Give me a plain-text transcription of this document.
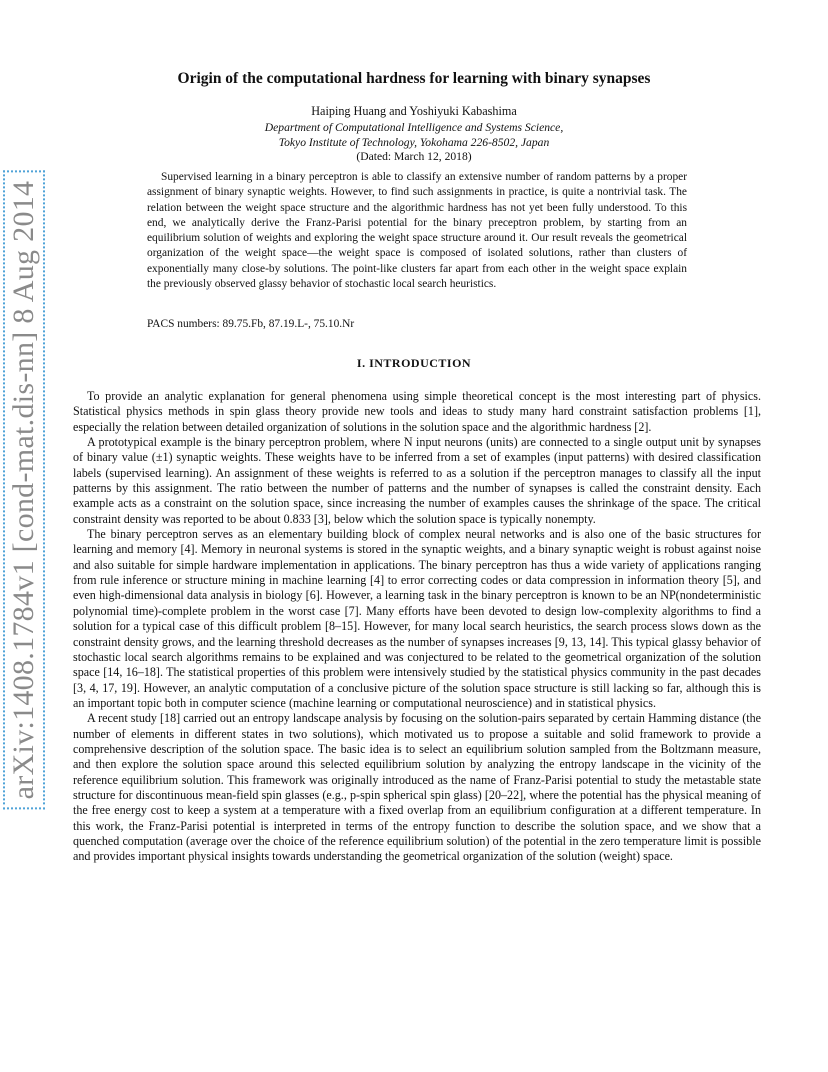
arXiv:1408.1784v1 [cond-mat.dis-nn] 8 Aug 2014
Origin of the computational hardness for learning with binary synapses
Haiping Huang and Yoshiyuki Kabashima
Department of Computational Intelligence and Systems Science,
Tokyo Institute of Technology, Yokohama 226-8502, Japan
(Dated: March 12, 2018)
Supervised learning in a binary perceptron is able to classify an extensive number of random patterns by a proper assignment of binary synaptic weights. However, to find such assignments in practice, is quite a nontrivial task. The relation between the weight space structure and the algorithmic hardness has not yet been fully understood. To this end, we analytically derive the Franz-Parisi potential for the binary preceptron problem, by starting from an equilibrium solution of weights and exploring the weight space structure around it. Our result reveals the geometrical organization of the weight space—the weight space is composed of isolated solutions, rather than clusters of exponentially many close-by solutions. The point-like clusters far apart from each other in the weight space explain the previously observed glassy behavior of stochastic local search heuristics.
PACS numbers: 89.75.Fb, 87.19.L-, 75.10.Nr
I. INTRODUCTION

To provide an analytic explanation for general phenomena using simple theoretical concept is the most interesting part of physics. Statistical physics methods in spin glass theory provide new tools and ideas to study many hard constraint satisfaction problems [1], especially the relation between detailed organization of solutions in the solution space and the algorithmic hardness [2].

A prototypical example is the binary perceptron problem, where N input neurons (units) are connected to a single output unit by synapses of binary value (±1) synaptic weights. These weights have to be inferred from a set of examples (input patterns) with desired classification labels (supervised learning). An assignment of these weights is referred to as a solution if the perceptron manages to classify all the input patterns by this assignment. The ratio between the number of patterns and the number of synapses is called the constraint density. Each example acts as a constraint on the solution space, since increasing the number of examples causes the shrinkage of the space. The critical constraint density was reported to be about 0.833 [3], below which the solution space is typically nonempty.

The binary perceptron serves as an elementary building block of complex neural networks and is also one of the basic structures for learning and memory [4]. Memory in neuronal systems is stored in the synaptic weights, and a binary synaptic weight is robust against noise and also suitable for simple hardware implementation in applications. The binary perceptron has thus a wide variety of applications ranging from rule inference or structure mining in machine learning [4] to error correcting codes or data compression in information theory [5], and even high-dimensional data analysis in biology [6]. However, a learning task in the binary perceptron is known to be an NP(nondeterministic polynomial time)-complete problem in the worst case [7]. Many efforts have been devoted to design low-complexity algorithms to find a solution for a typical case of this difficult problem [8–15]. However, for many local search heuristics, the search process slows down as the constraint density grows, and the learning threshold decreases as the number of synapses increases [9, 13, 14]. This typical glassy behavior of stochastic local search algorithms remains to be explained and was conjectured to be related to the geometrical organization of the solution space [14, 16–18]. The statistical properties of this problem were intensively studied by the statistical physics community in the past decades [3, 4, 17, 19]. However, an analytic computation of a conclusive picture of the solution space structure is still lacking so far, although this is an important topic both in computer science (machine learning or computational neuroscience) and in statistical physics.

A recent study [18] carried out an entropy landscape analysis by focusing on the solution-pairs separated by certain Hamming distance (the number of elements in different states in two solutions), which motivated us to propose a suitable and solid framework to provide a comprehensive description of the solution space. The basic idea is to select an equilibrium solution sampled from the Boltzmann measure, and then explore the solution space around this selected equilibrium solution by analyzing the entropy landscape in the vicinity of the reference equilibrium solution. This framework was originally introduced as the name of Franz-Parisi potential to study the metastable state structure for discontinuous mean-field spin glasses (e.g., p-spin spherical spin glass) [20–22], where the potential has the physical meaning of the free energy cost to keep a system at a temperature with a fixed overlap from an equilibrium configuration at a different temperature. In this work, the Franz-Parisi potential is interpreted in terms of the entropy function to describe the solution space, and we show that a quenched computation (average over the choice of the reference equilibrium solution) of the potential in the zero temperature limit is possible and provides important physical insights towards understanding the geometrical organization of the solution (weight) space.
